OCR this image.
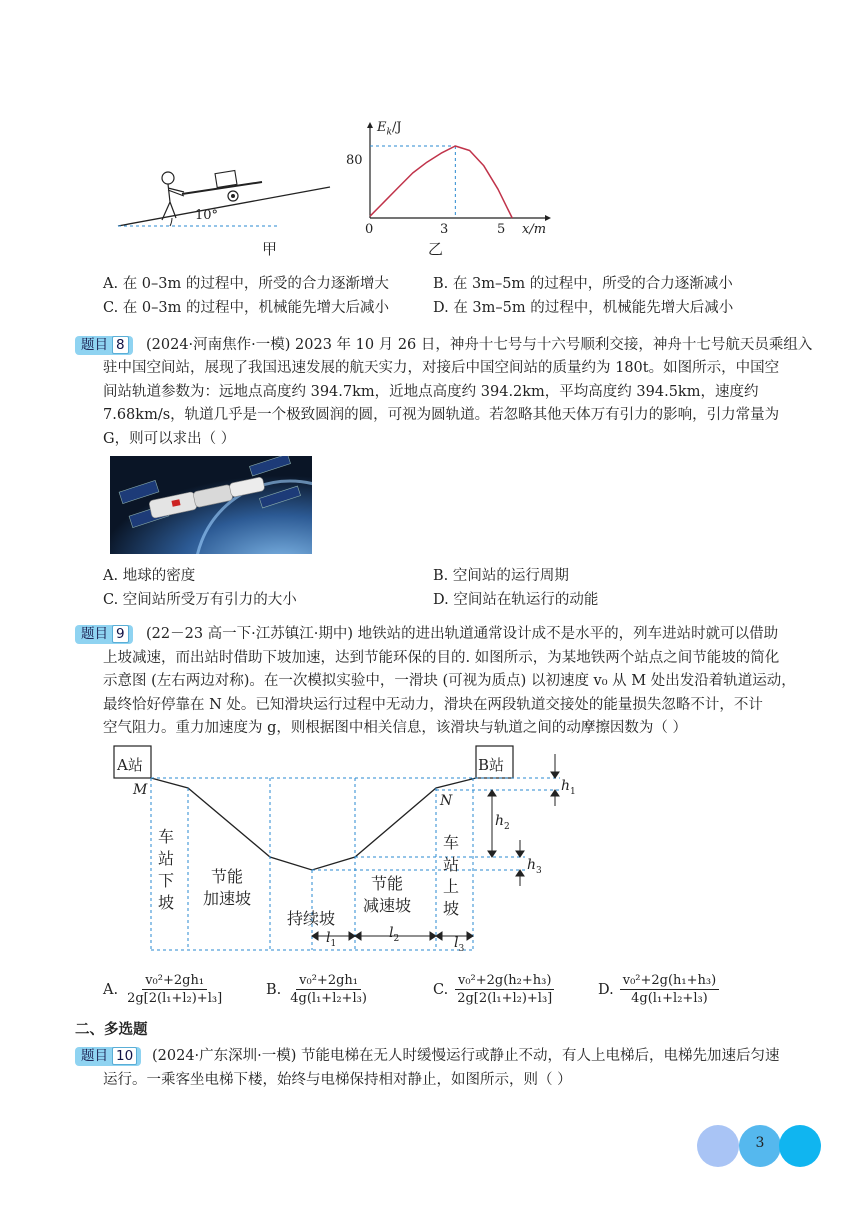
10°
甲
$E_k/J$
80
0	3	5 x/m
乙
A. 在 0–3m 的过程中，所受的合力逐渐增大	B. 在 3m–5m 的过程中，所受的合力逐渐减小
C. 在 0–3m 的过程中，机械能先增大后减小	D. 在 3m–5m 的过程中，机械能先增大后减小
题目 8	(2024·河南焦作·一模) 2023 年 10 月 26 日，神舟十七号与十六号顺利交接，神舟十七号航天员乘组入
驻中国空间站，展现了我国迅速发展的航天实力，对接后中国空间站的质量约为 180t。如图所示，中国空
间站轨道参数为：远地点高度约 394.7km，近地点高度约 394.2km，平均高度约 394.5km，速度约
7.68km/s，轨道几乎是一个极致圆润的圆，可视为圆轨道。若忽略其他天体万有引力的影响，引力常量为
G，则可以求出（ ）
A. 地球的密度	B. 空间站的运行周期
C. 空间站所受万有引力的大小	D. 空间站在轨运行的动能
题目 9	(22－23 高一下·江苏镇江·期中) 地铁站的进出轨道通常设计成不是水平的，列车进站时就可以借助
上坡减速，而出站时借助下坡加速，达到节能环保的目的. 如图所示，为某地铁两个站点之间节能坡的简化
示意图 (左右两边对称)。在一次模拟实验中，一滑块 (可视为质点) 以初速度 v₀ 从 M 处出发沿着轨道运动，
最终恰好停靠在 N 处。已知滑块运行过程中无动力，滑块在两段轨道交接处的能量损失忽略不计，不计
空气阻力。重力加速度为 g，则根据图中相关信息，该滑块与轨道之间的动摩擦因数为（ ）
A站	B站
M
N
$h_1$
$h_2$
$h_3$
$l_1$
$l_2$	$l_3$
车
站
下
坡
节能
加速坡
持续坡
节能
减速坡
车
站
上
坡
A. $\frac{\text{v₀²+2gh₁}}{\text{2g[2(l₁+l₂)+l₃]}}$	B. $\frac{\text{v₀²+2gh₁}}{\text{4g(l₁+l₂+l₃)}}$	C. $\frac{\text{v₀²+2g(h₂+h₃)}}{\text{2g[2(l₁+l₂)+l₃]}}$	D. $\frac{\text{v₀²+2g(h₁+h₃)}}{\text{4g(l₁+l₂+l₃)}}$
二、多选题
题目 10	(2024·广东深圳·一模) 节能电梯在无人时缓慢运行或静止不动，有人上电梯后，电梯先加速后匀速
运行。一乘客坐电梯下楼，始终与电梯保持相对静止，如图所示，则（ ）
3
